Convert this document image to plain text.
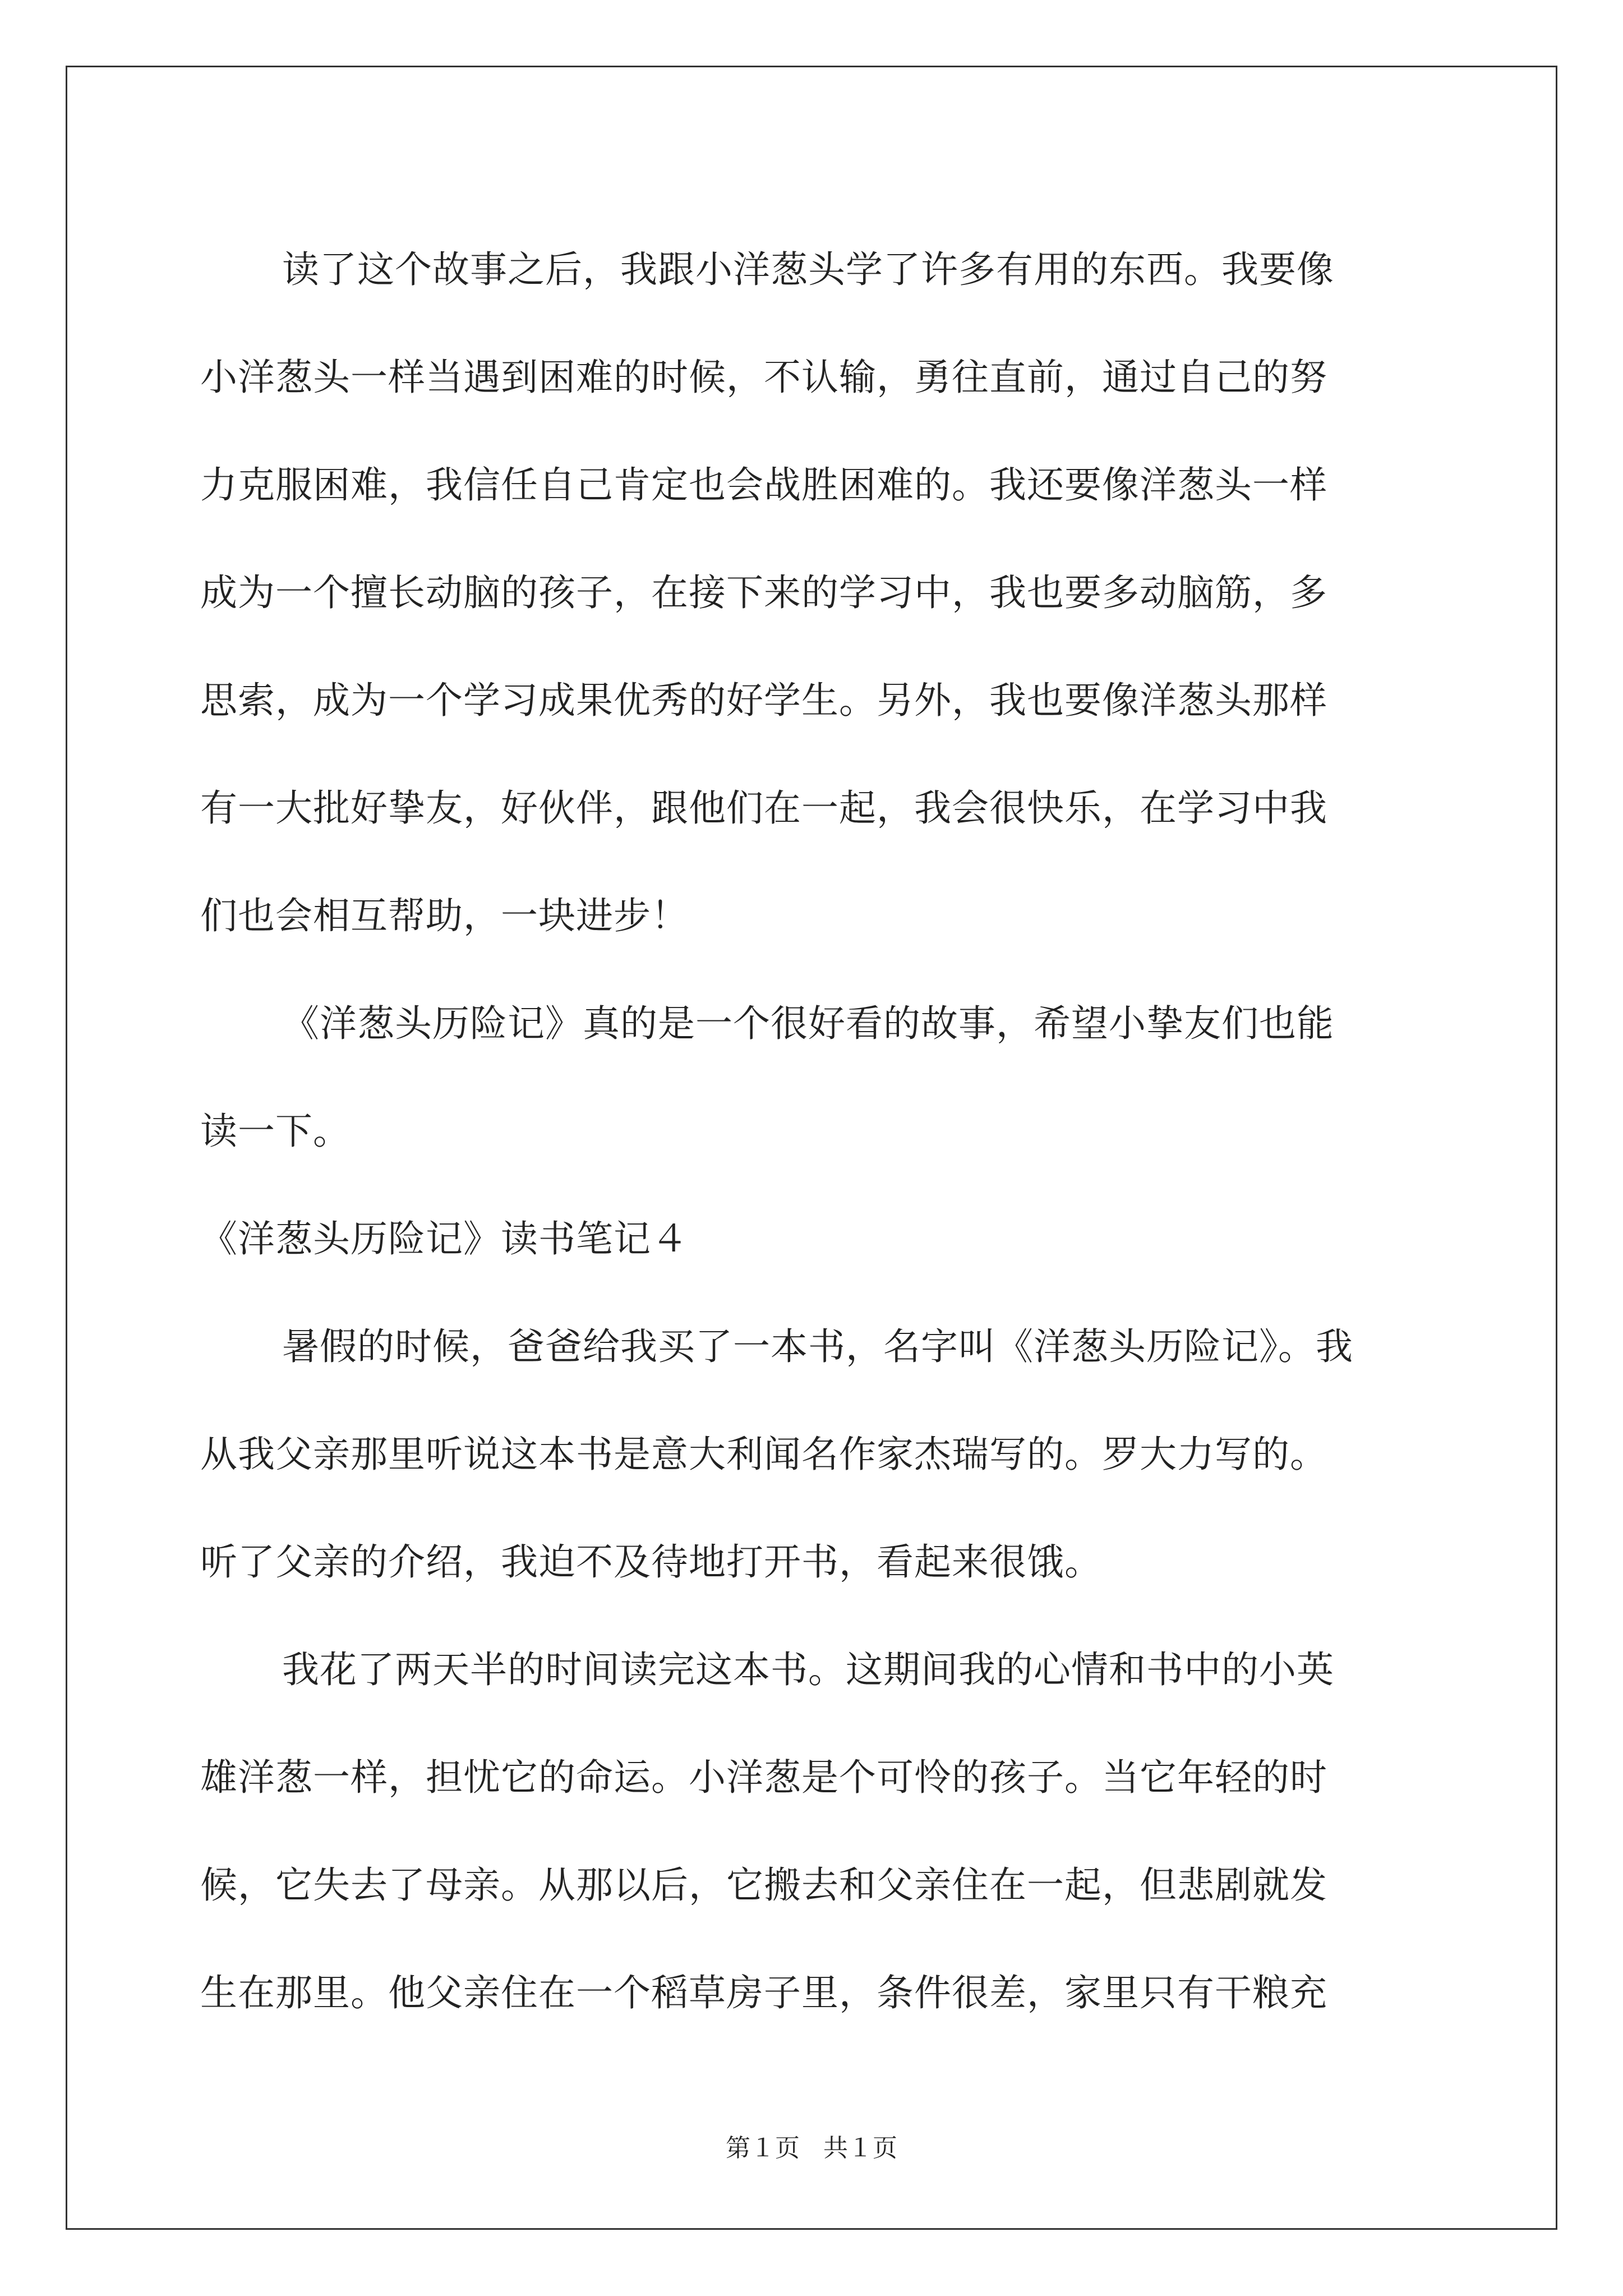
读了这个故事之后，我跟小洋葱头学了许多有用的东西。我要像
小洋葱头一样当遇到困难的时候，不认输，勇往直前，通过自己的努
力克服困难，我信任自己肯定也会战胜困难的。我还要像洋葱头一样
成为一个擅长动脑的孩子，在接下来的学习中，我也要多动脑筋，多
思索，成为一个学习成果优秀的好学生。另外，我也要像洋葱头那样
有一大批好挚友，好伙伴，跟他们在一起，我会很快乐，在学习中我
们也会相互帮助，一块进步！
《洋葱头历险记》真的是一个很好看的故事，希望小挚友们也能
读一下。
《洋葱头历险记》读书笔记４
暑假的时候，爸爸给我买了一本书，名字叫《洋葱头历险记》。我
从我父亲那里听说这本书是意大利闻名作家杰瑞写的。罗大力写的。
听了父亲的介绍，我迫不及待地打开书，看起来很饿。
我花了两天半的时间读完这本书。这期间我的心情和书中的小英
雄洋葱一样，担忧它的命运。小洋葱是个可怜的孩子。当它年轻的时
候，它失去了母亲。从那以后，它搬去和父亲住在一起，但悲剧就发
生在那里。他父亲住在一个稻草房子里，条件很差，家里只有干粮充
第１页 共１页
